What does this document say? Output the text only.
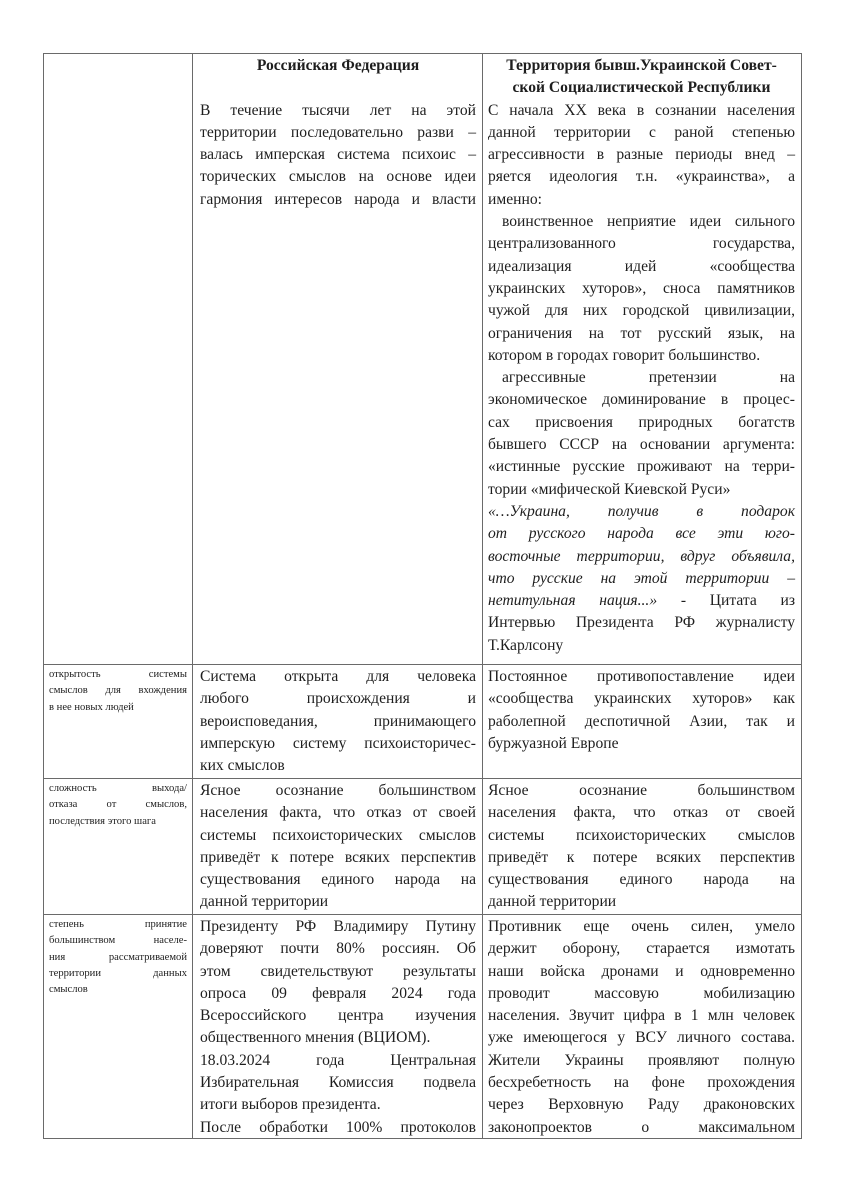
Российская Федерация
В течение тысячи лет на этой
территории последовательно разви –
валась имперская система психоис –
торических смыслов на основе идеи
гармония интересов народа и власти
Территория бывш.Украинской Совет-
ской Социалистической Республики
С начала XX века в сознании населения
данной территории с раной степенью
агрессивности в разные периоды внед –
ряется идеология т.н. «украинства», а
именно:
воинственное неприятие идеи сильного
централизованного государства,
идеализация идей «сообщества
украинских хуторов», сноса памятников
чужой для них городской цивилизации,
ограничения на тот русский язык, на
котором в городах говорит большинство.
агрессивные претензии на
экономическое доминирование в процес-
сах присвоения природных богатств
бывшего СССР на основании аргумента:
«истинные русские проживают на терри-
тории «мифической Киевской Руси»
«…Украина, получив в подарок
от русского народа все эти юго-
восточные территории, вдруг объявила,
что русские на этой территории –
нетитульная нация...» - Цитата из
Интервью Президента РФ журналисту
Т.Карлсону
открытость системы
смыслов для вхождения
в нее новых людей
Система открыта для человека
любого происхождения и
вероисповедания, принимающего
имперскую систему психоисторичес-
ких смыслов
Постоянное противопоставление идеи
«сообщества украинских хуторов» как
раболепной деспотичной Азии, так и
буржуазной Европе
сложность выхода/
отказа от смыслов,
последствия этого шага
Ясное осознание большинством
населения факта, что отказ от своей
системы психоисторических смыслов
приведёт к потере всяких перспектив
существования единого народа на
данной территории
Ясное осознание большинством
населения факта, что отказ от своей
системы психоисторических смыслов
приведёт к потере всяких перспектив
существования единого народа на
данной территории
степень принятие
большинством населе-
ния рассматриваемой
территории данных
смыслов
Президенту РФ Владимиру Путину
доверяют почти 80% россиян. Об
этом свидетельствуют результаты
опроса 09 февраля 2024 года
Всероссийского центра изучения
общественного мнения (ВЦИОМ).
18.03.2024 года Центральная
Избирательная Комиссия подвела
итоги выборов президента.
После обработки 100% протоколов
Противник еще очень силен, умело
держит оборону, старается измотать
наши войска дронами и одновременно
проводит массовую мобилизацию
населения. Звучит цифра в 1 млн человек
уже имеющегося у ВСУ личного состава.
Жители Украины проявляют полную
бесхребетность на фоне прохождения
через Верховную Раду драконовских
законопроектов о максимальном
